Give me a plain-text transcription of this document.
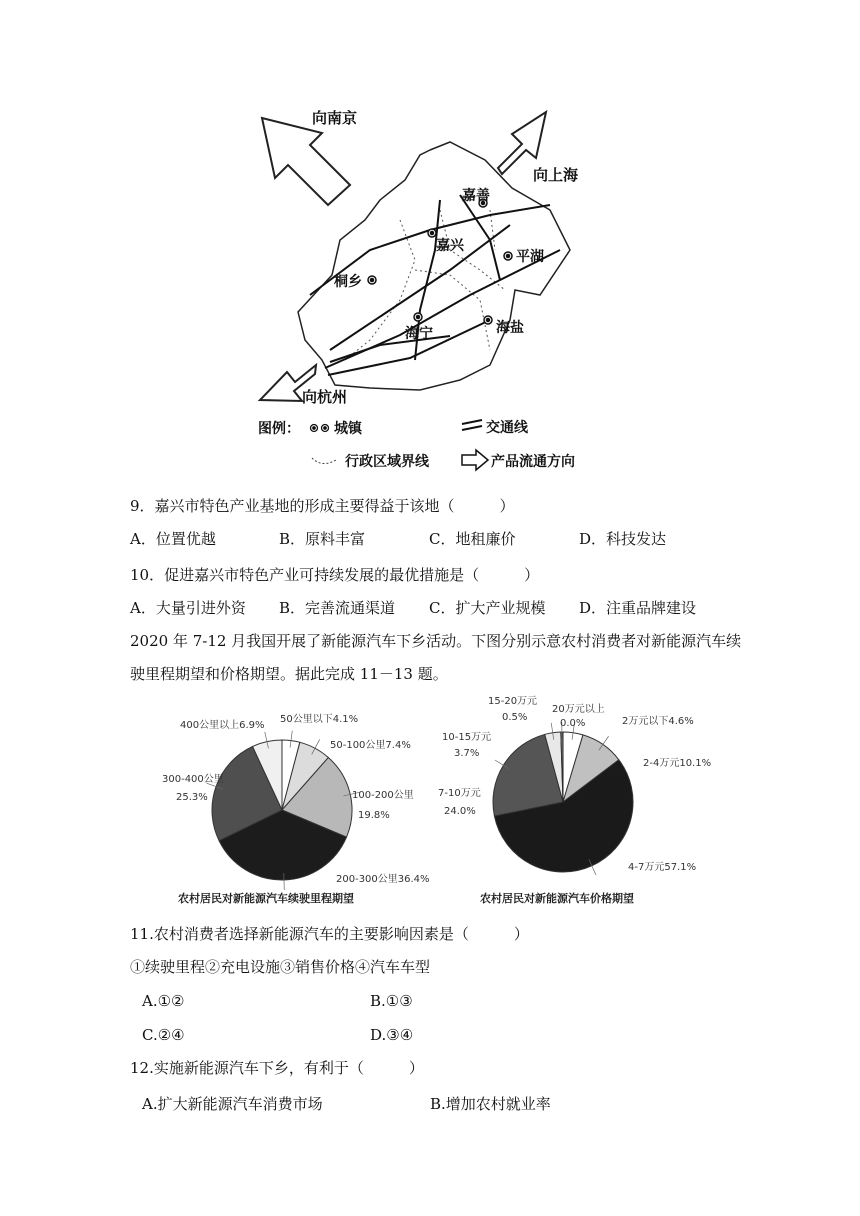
向南京
向上海
向杭州
嘉善
嘉兴
平湖
桐乡
海宁	海盐
图例： 城镇	交通线
行政区域界线	产品流通方向
9．嘉兴市特色产业基地的形成主要得益于该地（　　　）
A．位置优越	B．原料丰富	C．地租廉价	D．科技发达
10．促进嘉兴市特色产业可持续发展的最优措施是（　　　）
A．大量引进外资 B．完善流通渠道 C．扩大产业规模 D．注重品牌建设
2020 年 7-12 月我国开展了新能源汽车下乡活动。下图分别示意农村消费者对新能源汽车续
驶里程期望和价格期望。据此完成 11－13 题。
400公里以上6.9%
50公里以下4.1%
50-100公里7.4%
300-400公里
25.3%	100-200公里
19.8%
200-300公里36.4%
农村居民对新能源汽车续驶里程期望
15-20万元
0.5%
20万元以上
0.0%	2万元以下4.6%
10-15万元
3.7%
2-4万元10.1%
7-10万元
24.0%
4-7万元57.1%
农村居民对新能源汽车价格期望
11.农村消费者选择新能源汽车的主要影响因素是（　　　）
①续驶里程②充电设施③销售价格④汽车车型
A.①②	B.①③
C.②④	D.③④
12.实施新能源汽车下乡，有利于（　　　）
A.扩大新能源汽车消费市场	B.增加农村就业率
